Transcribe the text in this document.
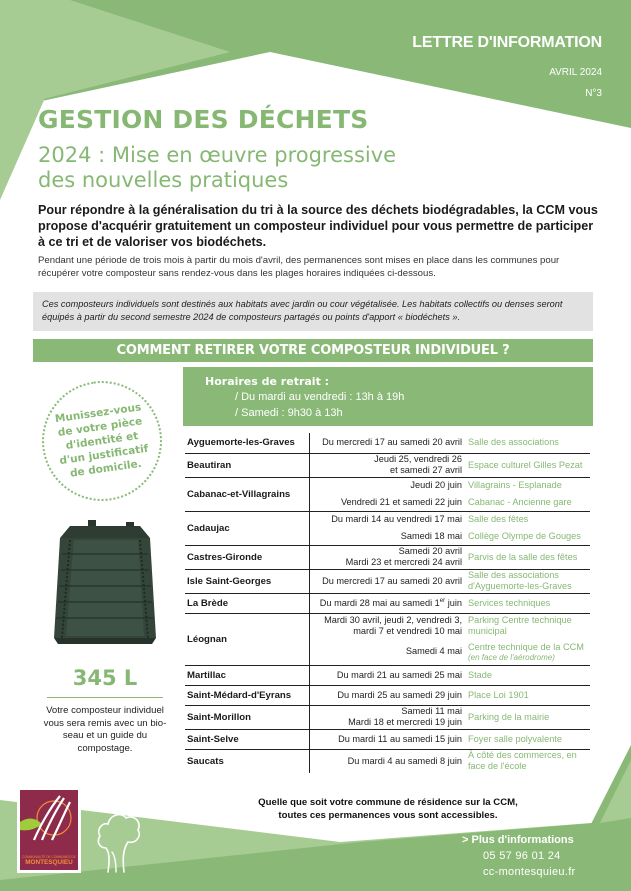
LETTRE D'INFORMATION
AVRIL 2024
N°3
GESTION DES DÉCHETS
2024 : Mise en œuvre progressive
des nouvelles pratiques
Pour répondre à la généralisation du tri à la source des déchets biodégradables, la CCM vous propose d'acquérir gratuitement un composteur individuel pour vous permettre de participer à ce tri et de valoriser vos biodéchets.
Pendant une période de trois mois à partir du mois d'avril, des permanences sont mises en place dans les communes pour récupérer votre composteur sans rendez-vous dans les plages horaires indiquées ci-dessous.
Ces composteurs individuels sont destinés aux habitats avec jardin ou cour végétalisée. Les habitats collectifs ou denses seront équipés à partir du second semestre 2024 de composteurs partagés ou points d'apport « biodéchets ».
COMMENT RETIRER VOTRE COMPOSTEUR INDIVIDUEL ?
Horaires de retrait :
/ Du mardi au vendredi : 13h à 19h
/ Samedi : 9h30 à 13h
Munissez-vous de votre pièce d'identité et d'un justificatif de domicile.
345 L
Votre composteur individuel vous sera remis avec un bio-seau et un guide du compostage.
Ayguemorte-les-Graves	Du mercredi 17 au samedi 20 avril	Salle des associations
Beautiran	Jeudi 25, vendredi 26
et samedi 27 avril	Espace culturel Gilles Pezat
Cabanac-et-Villagrains	Jeudi 20 juin	Villagrains - Esplanade

	Vendredi 21 et samedi 22 juin	Cabanac - Ancienne gare
Cadaujac	Du mardi 14 au vendredi 17 mai	Salle des fêtes

	Samedi 18 mai	Collège Olympe de Gouges
Castres-Gironde	Samedi 20 avril
Mardi 23 et mercredi 24 avril	Parvis de la salle des fêtes
Isle Saint-Georges	Du mercredi 17 au samedi 20 avril	Salle des associations d'Ayguemorte-les-Graves
La Brède	Du mardi 28 mai au samedi 1er juin	Services techniques
Léognan	Mardi 30 avril, jeudi 2, vendredi 3,
mardi 7 et vendredi 10 mai	Parking Centre technique municipal

	Samedi 4 mai	Centre technique de la CCM
(en face de l'aérodrome)

Martillac	Du mardi 21 au samedi 25 mai	Stade
Saint-Médard-d'Eyrans	Du mardi 25 au samedi 29 juin	Place Loi 1901
Saint-Morillon	Samedi 11 mai
Mardi 18 et mercredi 19 juin	Parking de la mairie
Saint-Selve	Du mardi 11 au samedi 15 juin	Foyer salle polyvalente
Saucats	Du mardi 4 au samedi 8 juin	À côté des commerces, en face de l'école
Quelle que soit votre commune de résidence sur la CCM,
toutes ces permanences vous sont accessibles.
> Plus d'informations
05 57 96 01 24
cc-montesquieu.fr
COMMUNAUTÉ DE COMMUNES DE
MONTESQUIEU
